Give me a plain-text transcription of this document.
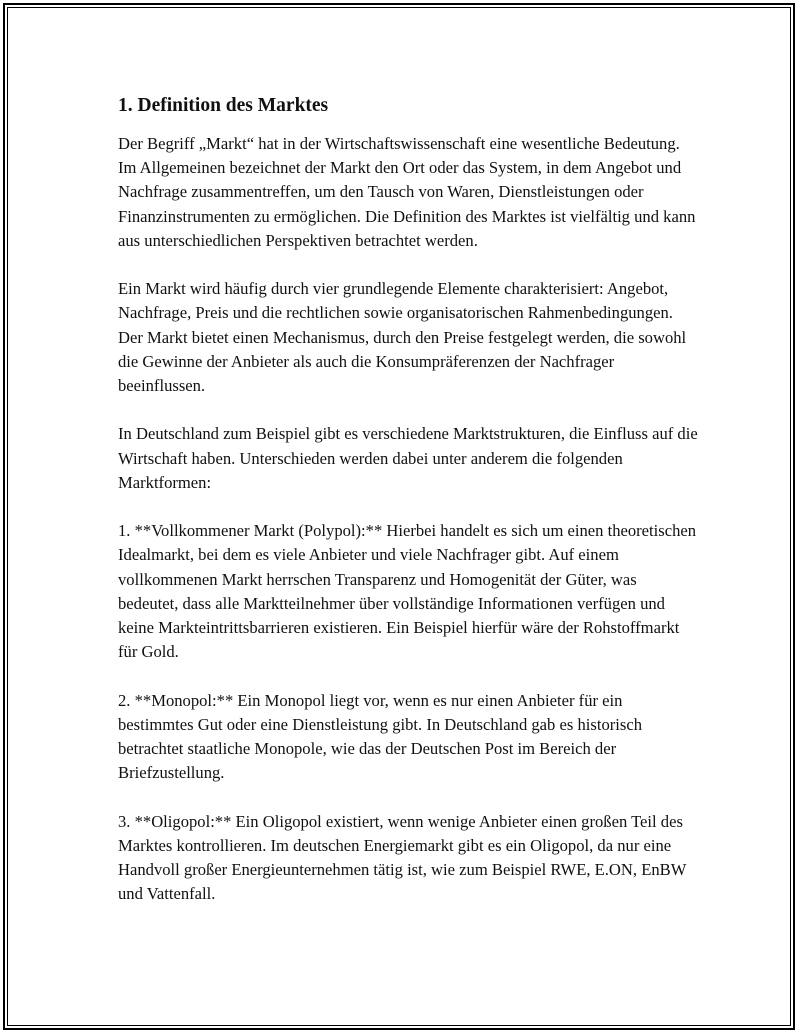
1. Definition des Marktes

Der Begriff „Markt“ hat in der Wirtschaftswissenschaft eine wesentliche Bedeutung. Im Allgemeinen bezeichnet der Markt den Ort oder das System, in dem Angebot und Nachfrage zusammentreffen, um den Tausch von Waren, Dienstleistungen oder Finanzinstrumenten zu ermöglichen. Die Definition des Marktes ist vielfältig und kann aus unterschiedlichen Perspektiven betrachtet werden.

Ein Markt wird häufig durch vier grundlegende Elemente charakterisiert: Angebot, Nachfrage, Preis und die rechtlichen sowie organisatorischen Rahmenbedingungen. Der Markt bietet einen Mechanismus, durch den Preise festgelegt werden, die sowohl die Gewinne der Anbieter als auch die Konsumpräferenzen der Nachfrager beeinflussen.

In Deutschland zum Beispiel gibt es verschiedene Marktstrukturen, die Einfluss auf die Wirtschaft haben. Unterschieden werden dabei unter anderem die folgenden Marktformen:

1. **Vollkommener Markt (Polypol):** Hierbei handelt es sich um einen theoretischen Idealmarkt, bei dem es viele Anbieter und viele Nachfrager gibt. Auf einem vollkommenen Markt herrschen Transparenz und Homogenität der Güter, was bedeutet, dass alle Marktteilnehmer über vollständige Informationen verfügen und keine Markteintrittsbarrieren existieren. Ein Beispiel hierfür wäre der Rohstoffmarkt für Gold.

2. **Monopol:** Ein Monopol liegt vor, wenn es nur einen Anbieter für ein bestimmtes Gut oder eine Dienstleistung gibt. In Deutschland gab es historisch betrachtet staatliche Monopole, wie das der Deutschen Post im Bereich der Briefzustellung.

3. **Oligopol:** Ein Oligopol existiert, wenn wenige Anbieter einen großen Teil des Marktes kontrollieren. Im deutschen Energiemarkt gibt es ein Oligopol, da nur eine Handvoll großer Energieunternehmen tätig ist, wie zum Beispiel RWE, E.ON, EnBW und Vattenfall.
